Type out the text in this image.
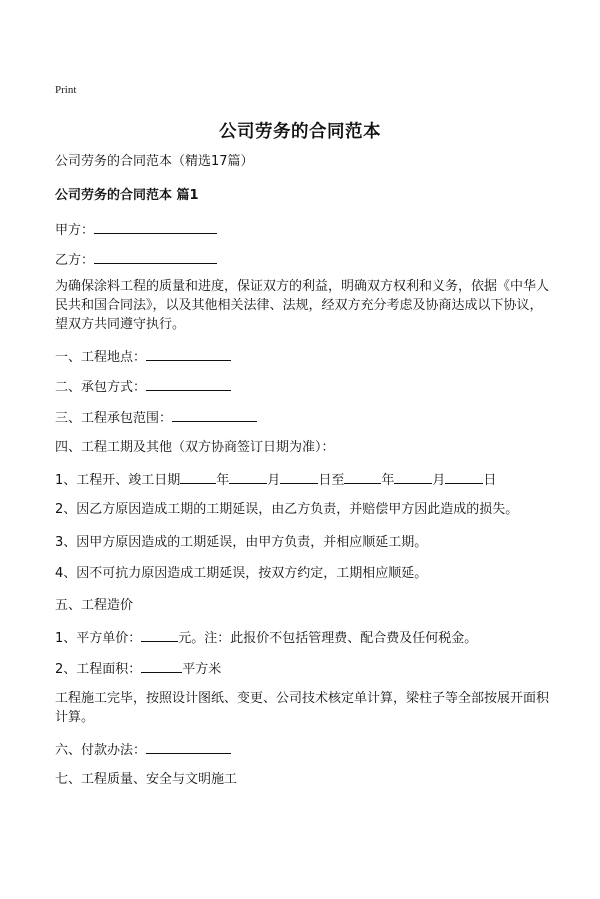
Print
公司劳务的合同范本
公司劳务的合同范本（精选17篇）
公司劳务的合同范本 篇1
甲方：
乙方：
为确保涂料工程的质量和进度，保证双方的利益，明确双方权利和义务，依据《中华人民共和国合同法》，以及其他相关法律、法规，经双方充分考虑及协商达成以下协议，望双方共同遵守执行。
一、工程地点：
二、承包方式：
三、工程承包范围：
四、工程工期及其他（双方协商签订日期为准）：
1、工程开、竣工日期	年	月	日至	年	月	日
2、因乙方原因造成工期的工期延误，由乙方负责，并赔偿甲方因此造成的损失。
3、因甲方原因造成的工期延误，由甲方负责，并相应顺延工期。
4、因不可抗力原因造成工期延误，按双方约定，工期相应顺延。
五、工程造价
1、平方单价：	元。注：此报价不包括管理费、配合费及任何税金。
2、工程面积：	平方米
工程施工完毕，按照设计图纸、变更、公司技术核定单计算，梁柱子等全部按展开面积计算。
六、付款办法：
七、工程质量、安全与文明施工
